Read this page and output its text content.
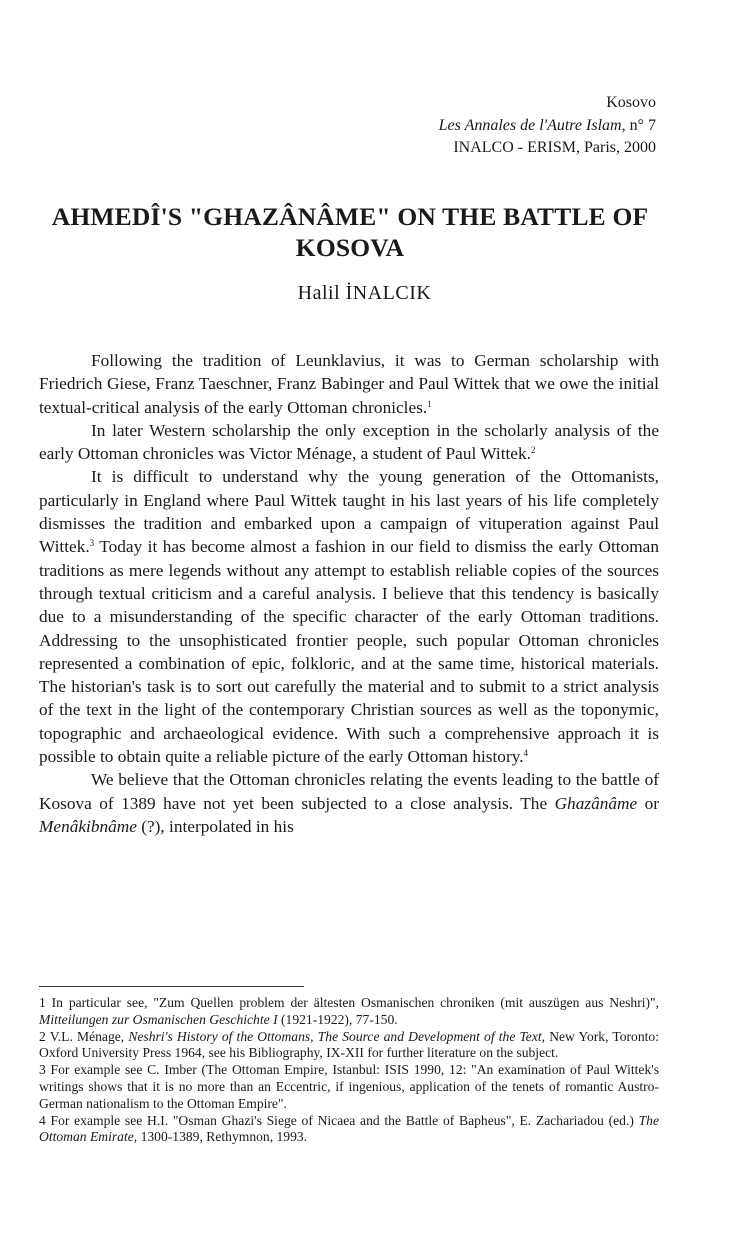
Kosovo
Les Annales de l'Autre Islam, n° 7
INALCO - ERISM, Paris, 2000
AHMEDÎ'S "GHAZÂNÂME" ON THE BATTLE OF KOSOVA
Halil İNALCIK

Following the tradition of Leunklavius, it was to German scholarship with Friedrich Giese, Franz Taeschner, Franz Babinger and Paul Wittek that we owe the initial textual-critical analysis of the early Ottoman chronicles.$^1$

In later Western scholarship the only exception in the scholarly analysis of the early Ottoman chronicles was Victor Ménage, a student of Paul Wittek.$^2$

It is difficult to understand why the young generation of the Ottomanists, particularly in England where Paul Wittek taught in his last years of his life completely dismisses the tradition and embarked upon a campaign of vituperation against Paul Wittek.$^3$ Today it has become almost a fashion in our field to dismiss the early Ottoman traditions as mere legends without any attempt to establish reliable copies of the sources through textual criticism and a careful analysis. I believe that this tendency is basically due to a misunderstanding of the specific character of the early Ottoman traditions. Addressing to the unsophisticated frontier people, such popular Ottoman chronicles represented a combination of epic, folkloric, and at the same time, historical materials. The historian's task is to sort out carefully the material and to submit to a strict analysis of the text in the light of the contemporary Christian sources as well as the toponymic, topographic and archaeological evidence. With such a comprehensive approach it is possible to obtain quite a reliable picture of the early Ottoman history.$^4$

We believe that the Ottoman chronicles relating the events leading to the battle of Kosova of 1389 have not yet been subjected to a close analysis. The Ghazânâme or Menâkibnâme (?), interpolated in his

1 In particular see, "Zum Quellen problem der ältesten Osmanischen chroniken (mit auszügen aus Neshri)", Mitteilungen zur Osmanischen Geschichte I (1921-1922), 77-150.

2 V.L. Ménage, Neshri's History of the Ottomans, The Source and Development of the Text, New York, Toronto: Oxford University Press 1964, see his Bibliography, IX-XII for further literature on the subject.

3 For example see C. Imber (The Ottoman Empire, Istanbul: ISIS 1990, 12: "An examination of Paul Wittek's writings shows that it is no more than an Eccentric, if ingenious, application of the tenets of romantic Austro-German nationalism to the Ottoman Empire".

4 For example see H.I. "Osman Ghazi's Siege of Nicaea and the Battle of Bapheus", E. Zachariadou (ed.) The Ottoman Emirate, 1300-1389, Rethymnon, 1993.
